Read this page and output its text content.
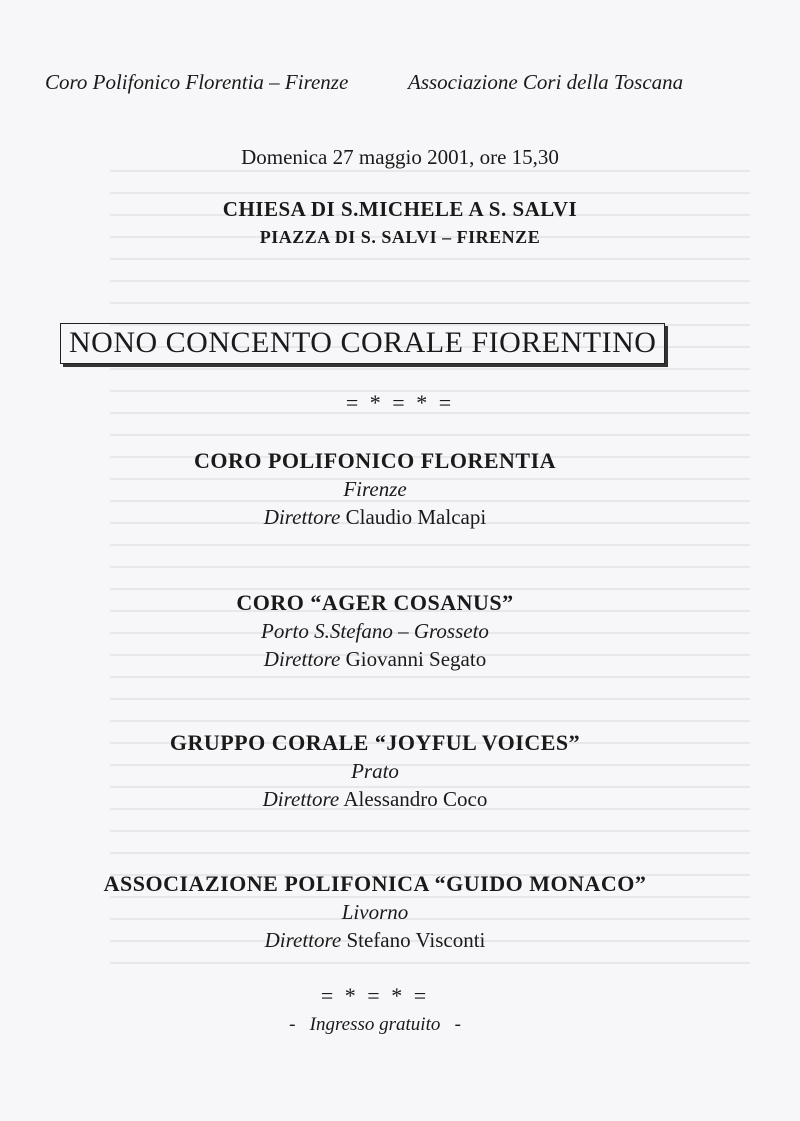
Coro Polifonico Florentia – Firenze	Associazione Cori della Toscana
Domenica 27 maggio 2001, ore 15,30
CHIESA DI S.MICHELE A S. SALVI
PIAZZA DI S. SALVI – FIRENZE
NONO CONCENTO CORALE FIORENTINO
= * = * =
CORO POLIFONICO FLORENTIA
Firenze
Direttore Claudio Malcapi
CORO “AGER COSANUS”
Porto S.Stefano – Grosseto
Direttore Giovanni Segato
GRUPPO CORALE “JOYFUL VOICES”
Prato
Direttore Alessandro Coco
ASSOCIAZIONE POLIFONICA “GUIDO MONACO”
Livorno
Direttore Stefano Visconti
= * = * =
- Ingresso gratuito -
